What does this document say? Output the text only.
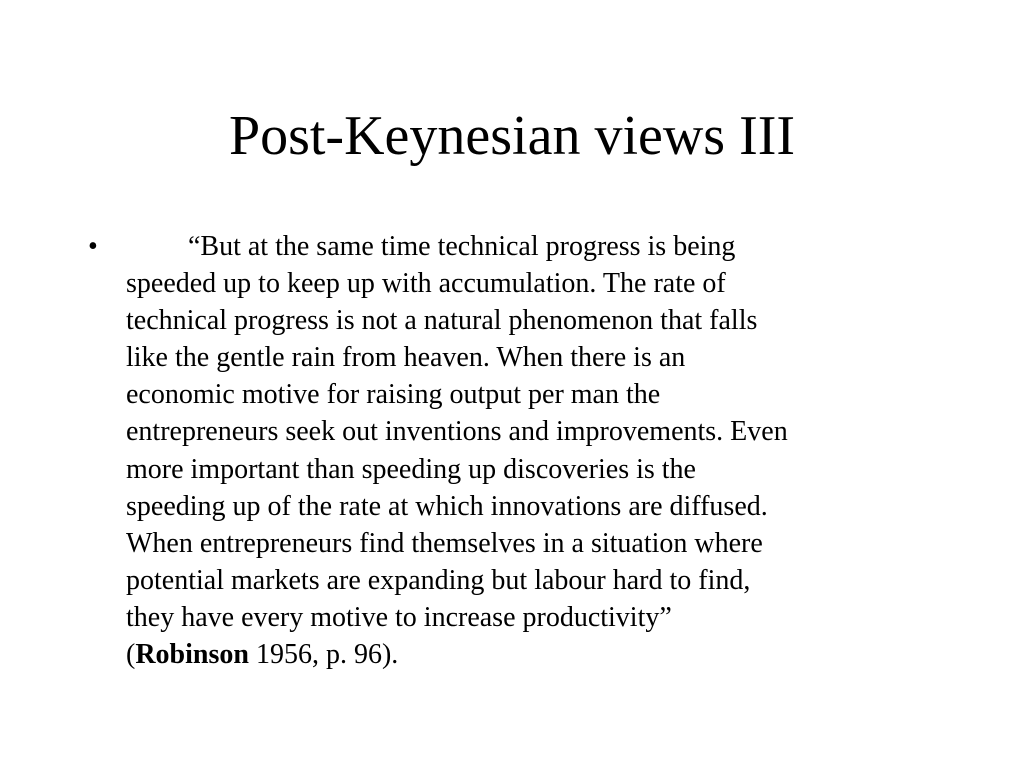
Post-Keynesian views III
•	“But at the same time technical progress is being
speeded up to keep up with accumulation. The rate of
technical progress is not a natural phenomenon that falls
like the gentle rain from heaven. When there is an
economic motive for raising output per man the
entrepreneurs seek out inventions and improvements. Even
more important than speeding up discoveries is the
speeding up of the rate at which innovations are diffused.
When entrepreneurs find themselves in a situation where
potential markets are expanding but labour hard to find,
they have every motive to increase productivity”
(Robinson 1956, p. 96).
